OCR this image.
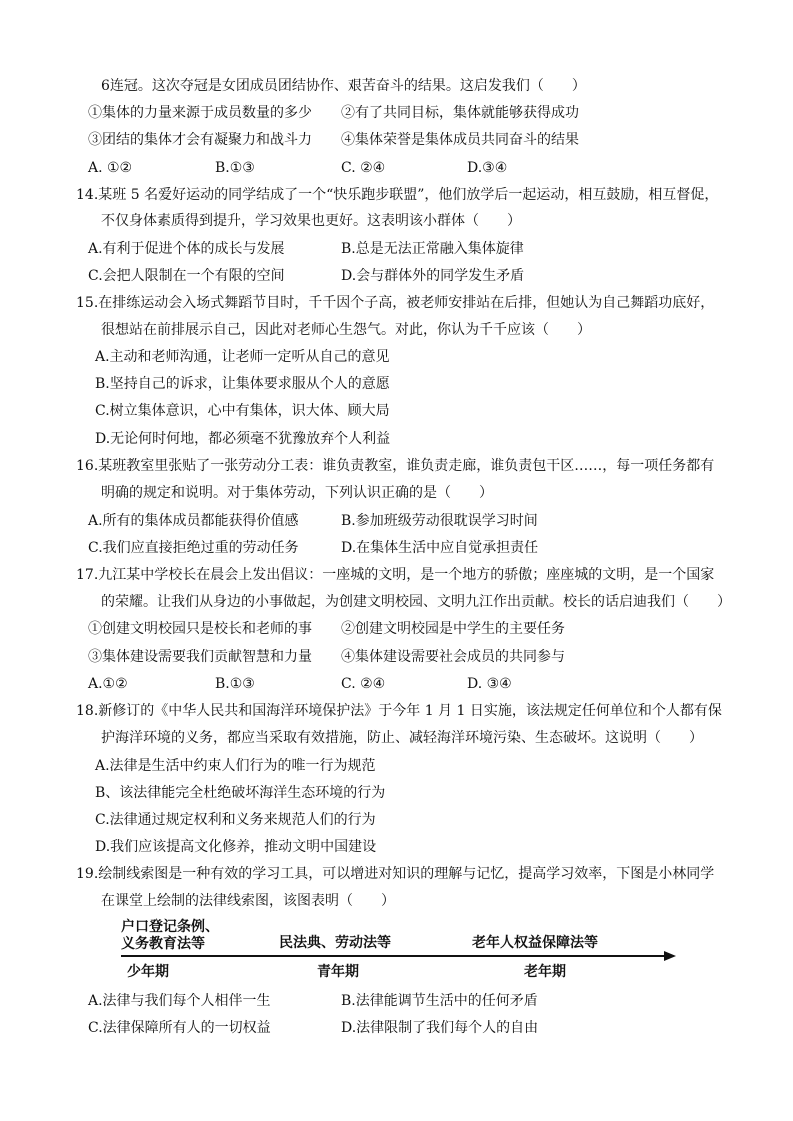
6连冠。这次夺冠是女团成员团结协作、艰苦奋斗的结果。这启发我们（　　）
①集体的力量来源于成员数量的多少 ②有了共同目标，集体就能够获得成功
③团结的集体才会有凝聚力和战斗力 ④集体荣誉是集体成员共同奋斗的结果
A. ①②	B.①③	C. ②④	D.③④
14.某班 5 名爱好运动的同学结成了一个“快乐跑步联盟”，他们放学后一起运动，相互鼓励，相互督促，
不仅身体素质得到提升，学习效果也更好。这表明该小群体（　　）
A.有利于促进个体的成长与发展	B.总是无法正常融入集体旋律
C.会把人限制在一个有限的空间	D.会与群体外的同学发生矛盾
15.在排练运动会入场式舞蹈节目时，千千因个子高，被老师安排站在后排，但她认为自己舞蹈功底好，
很想站在前排展示自己，因此对老师心生怨气。对此，你认为千千应该（　　）
A.主动和老师沟通，让老师一定听从自己的意见
B.坚持自己的诉求，让集体要求服从个人的意愿
C.树立集体意识，心中有集体，识大体、顾大局
D.无论何时何地，都必须毫不犹豫放弃个人利益
16.某班教室里张贴了一张劳动分工表：谁负责教室，谁负责走廊，谁负责包干区……，每一项任务都有
明确的规定和说明。对于集体劳动，下列认识正确的是（　　）
A.所有的集体成员都能获得价值感	B.参加班级劳动很耽误学习时间
C.我们应直接拒绝过重的劳动任务	D.在集体生活中应自觉承担责任
17.九江某中学校长在晨会上发出倡议：一座城的文明，是一个地方的骄傲；座座城的文明，是一个国家
的荣耀。让我们从身边的小事做起，为创建文明校园、文明九江作出贡献。校长的话启迪我们（　　）
①创建文明校园只是校长和老师的事 ②创建文明校园是中学生的主要任务
③集体建设需要我们贡献智慧和力量 ④集体建设需要社会成员的共同参与
A.①②	B.①③	C. ②④	D. ③④
18.新修订的《中华人民共和国海洋环境保护法》于今年 1 月 1 日实施，该法规定任何单位和个人都有保
护海洋环境的义务，都应当采取有效措施，防止、减轻海洋环境污染、生态破坏。这说明（　　）
A.法律是生活中约束人们行为的唯一行为规范
B、该法律能完全杜绝破坏海洋生态环境的行为
C.法律通过规定权利和义务来规范人们的行为
D.我们应该提高文化修养，推动文明中国建设
19.绘制线索图是一种有效的学习工具，可以增进对知识的理解与记忆，提高学习效率，下图是小林同学
在课堂上绘制的法律线索图，该图表明（　　）
户口登记条例、
义务教育法等	民法典、劳动法等	老年人权益保障法等
少年期	青年期	老年期
A.法律与我们每个人相伴一生	B.法律能调节生活中的任何矛盾
C.法律保障所有人的一切权益	D.法律限制了我们每个人的自由
